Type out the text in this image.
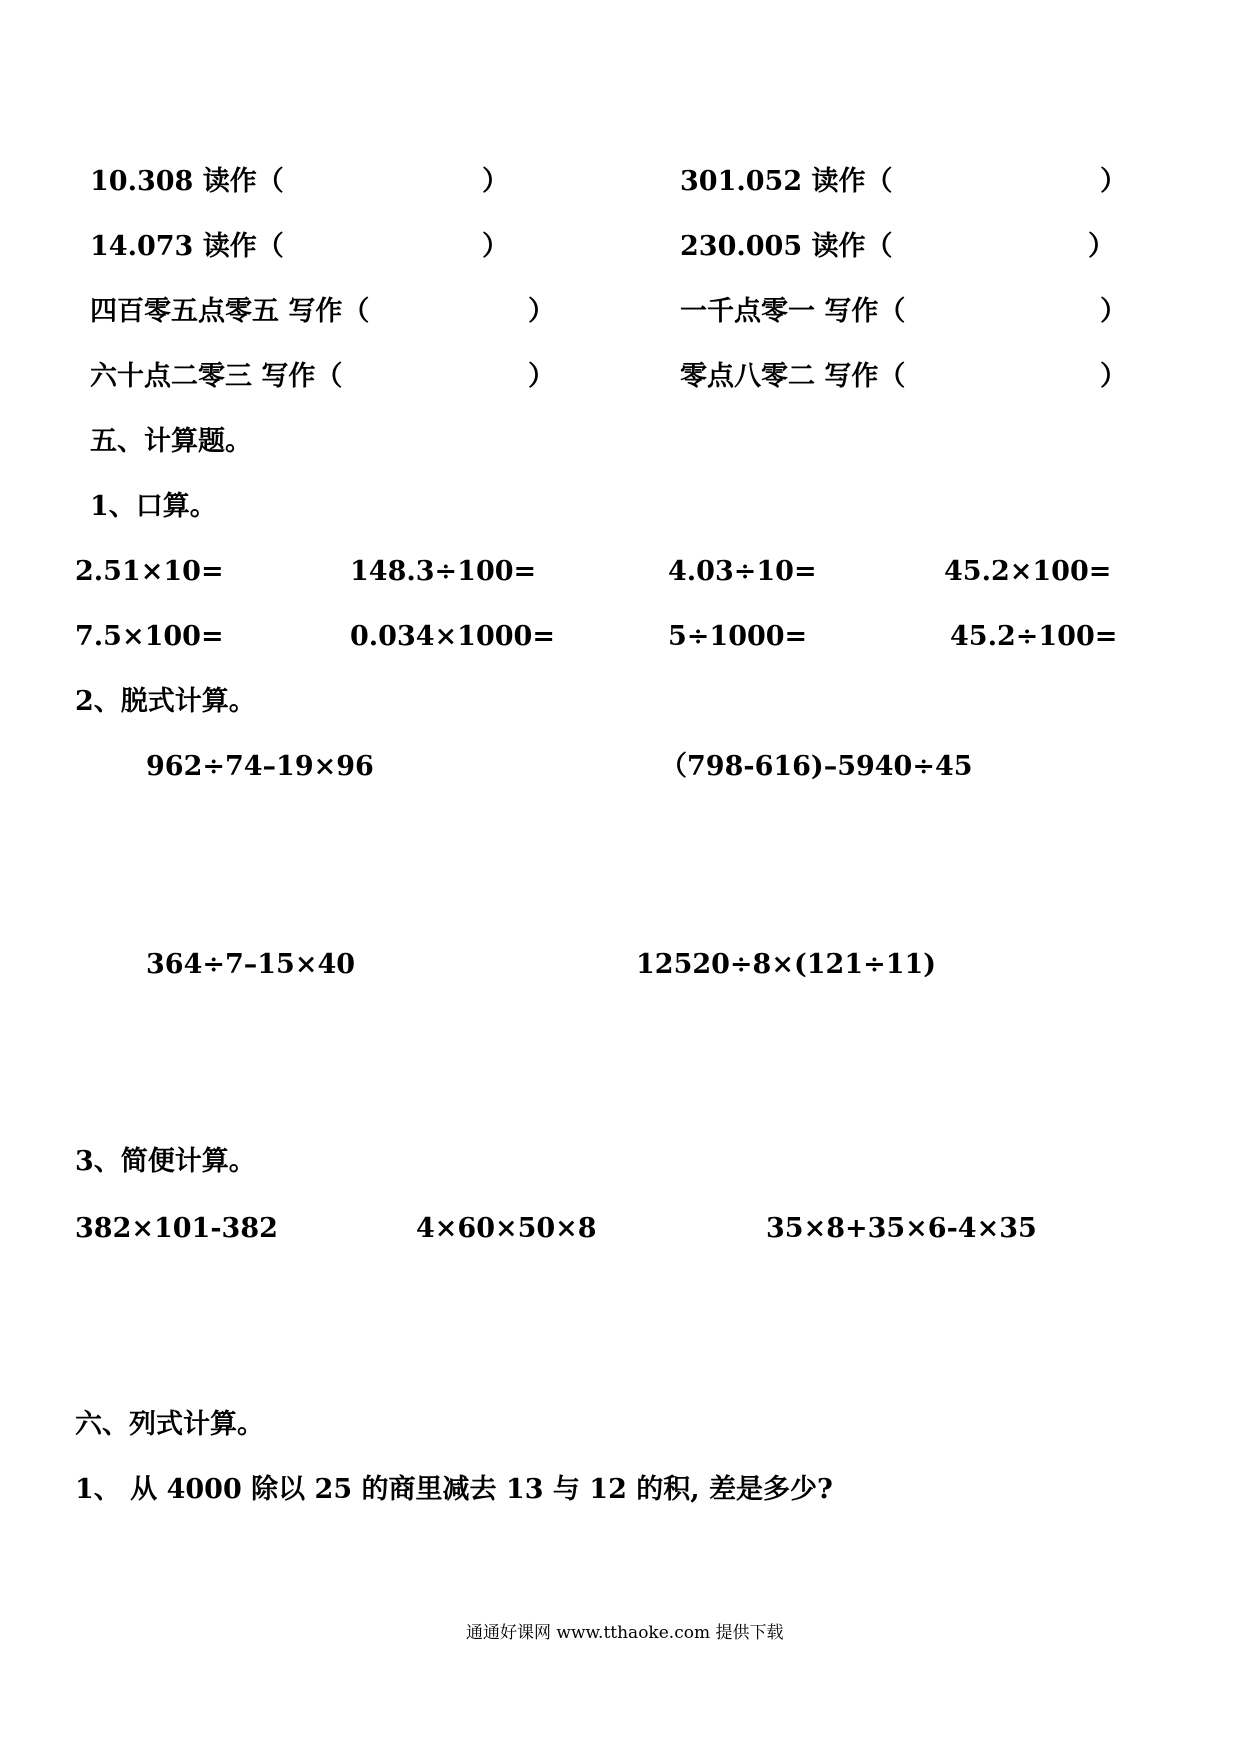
10.308 读作（	）	301.052 读作（	）
14.073 读作（	）	230.005 读作（	）
四百零五点零五 写作（	）	一千点零一 写作（	）
六十点二零三 写作（	）	零点八零二 写作（	）
五、计算题。
1、口算。
2.51×10=	148.3÷100=	4.03÷10=	45.2×100=
7.5×100=	0.034×1000=	5÷1000=	45.2÷100=
2、脱式计算。
962÷74–19×96	（798-616)–5940÷45
364÷7–15×40	12520÷8×(121÷11)
3、简便计算。
382×101-382	4×60×50×8	35×8+35×6-4×35
六、列式计算。
1、 从 4000 除以 25 的商里减去 13 与 12 的积, 差是多少?
通通好课网 www.tthaoke.com 提供下载
